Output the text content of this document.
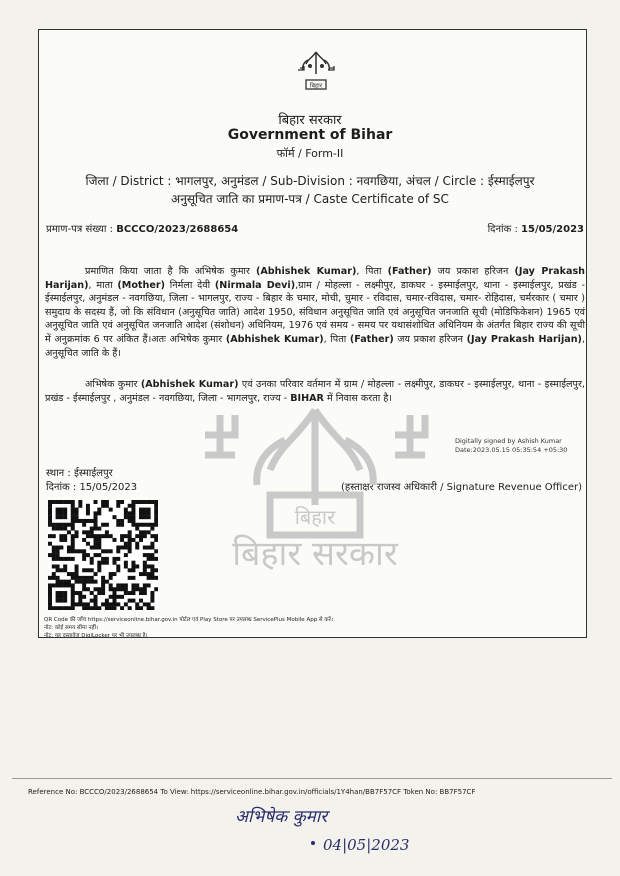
बिहार
बिहार सरकार
Government of Bihar
फॉर्म / Form-II
जिला / District : भागलपुर, अनुमंडल / Sub-Division : नवगछिया, अंचल / Circle : ईस्माईलपुर
अनुसूचित जाति का प्रमाण-पत्र / Caste Certificate of SC
प्रमाण-पत्र संख्या : BCCCO/2023/2688654	दिनांक : 15/05/2023
बिहार
बिहार सरकार
प्रमाणित किया जाता है कि अभिषेक कुमार (Abhishek Kumar), पिता (Father) जय प्रकाश हरिजन (Jay Prakash Harijan), माता (Mother) निर्मला देवी (Nirmala Devi),ग्राम / मोहल्ला - लक्ष्मीपुर, डाकघर - इस्माईलपुर, थाना - इस्माईलपुर, प्रखंड - ईस्माईलपुर, अनुमंडल - नवगछिया, जिला - भागलपुर, राज्य - बिहार के चमार, मोची, चुमार - रविदास, चमार-रविदास, चमार- रोहिदास, चर्मरकार ( चमार ) समुदाय के सदस्य हैं, जो कि संविधान (अनुसूचित जाति) आदेश 1950, संविधान अनुसूचित जाति एवं अनुसूचित जनजाति सूची (मोडिफिकेशन) 1965 एवं अनुसूचित जाति एवं अनुसूचित जनजाति आदेश (संशोधन) अधिनियम, 1976 एवं समय - समय पर यथासंशोधित अधिनियम के अंतर्गत बिहार राज्य की सूची में अनुक्रमांक 6 पर अंकित हैं।अतः अभिषेक कुमार (Abhishek Kumar), पिता (Father) जय प्रकाश हरिजन (Jay Prakash Harijan), अनुसूचित जाति के हैं।
अभिषेक कुमार (Abhishek Kumar) एवं उनका परिवार वर्तमान में ग्राम / मोहल्ला - लक्ष्मीपुर, डाकघर - इस्माईलपुर, थाना - इस्माईलपुर, प्रखंड - ईस्माईलपुर , अनुमंडल - नवगछिया, जिला - भागलपुर, राज्य - BIHAR में निवास करता है।
Digitally signed by Ashish Kumar
Date:2023.05.15 05:35:54 +05:30
(हस्ताक्षर राजस्व अधिकारी / Signature Revenue Officer)
स्थान : ईस्माईलपुर
दिनांक : 15/05/2023
QR Code की जाँच https://serviceonline.bihar.gov.in पोर्टल एवं Play Store पर उपलब्ध ServicePlus Mobile App से करें।
नोट: कोई समय सीमा नहीं।
नोट: यह दस्तावेज DigiLocker पर भी उपलब्ध है।
Reference No: BCCCO/2023/2688654 To View: https://serviceonline.bihar.gov.in/officials/1Y4han/BB7F57CF Token No: BB7F57CF
अभिषेक कुमार
04|05|2023
